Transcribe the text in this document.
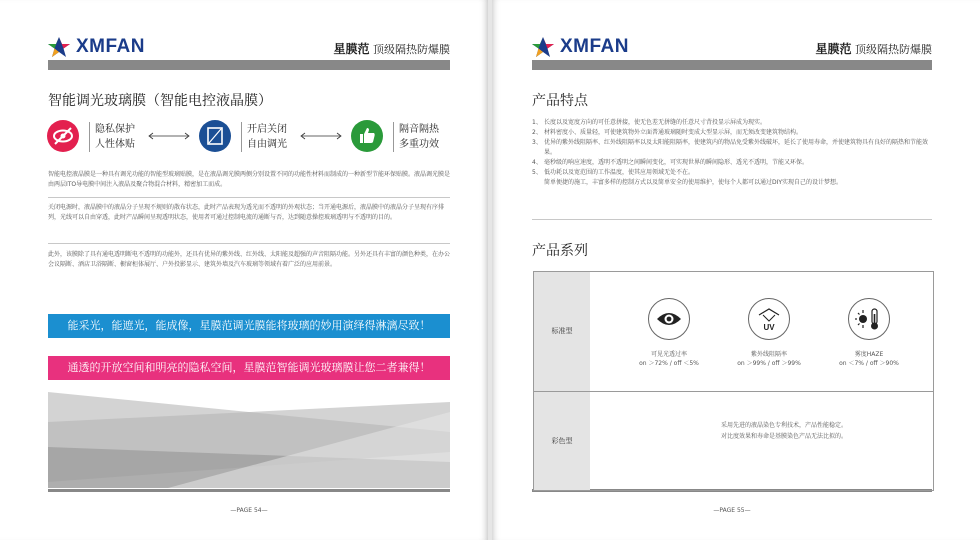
XMFAN	星膜范 顶级隔热防爆膜
智能调光玻璃膜（智能电控液晶膜）
隐私保护
人性体贴
开启关闭
自由调光
隔音隔热
多重功效
智能电控液晶膜是一种具有调光功能的智能型玻璃贴膜，是在液晶调光膜两侧分别设置不同的功能性材料而制成的一种新型节能环保贴膜。液晶调光膜是由两层ITO导电膜中间注入液晶及聚合物混合材料，精密加工而成。
关闭电源时，液晶膜中的液晶分子呈现不规则的散布状态，此时产品表现为透光而不透明的外观状态；当开通电源后，液晶膜中的液晶分子呈现有序排列，光线可以自由穿透，此时产品瞬间呈现透明状态，使用者可通过控制电流的通断与否，达到随意操控玻璃透明与不透明的目的。
此外，该膜除了具有通电透明断电不透明的功能外，还具有优异的紫外线、红外线、太阳能及超强的声音阻隔功能。另外还具有丰富的颜色种类，在办公会议隔断、酒店卫浴隔断、橱窗柜体展厅、户外投影显示、建筑外墙及汽车玻璃等领域有着广泛的应用前景。
能采光，能遮光，能成像，星膜范调光膜能将玻璃的妙用演绎得淋漓尽致！
通透的开放空间和明亮的隐私空间，星膜范智能调光玻璃膜让您二者兼得！
—PAGE 54—
XMFAN	星膜范 顶级隔热防爆膜
产品特点
—PAGE 55—
产品系列
1、 长度以及宽度方向的可任意拼接，使无色差无拼缝的任意尺寸背投显示屏成为现实。
2、 材料密度小、质量轻，可使建筑物外立面普通玻璃随时变成大型显示屏，而无须改变建筑物结构。
3、 优异的紫外线阻隔率、红外线阻隔率以及太阳能阻隔率，使建筑内的物品免受紫外线破坏，延长了使用寿命，并使建筑物具有良好的隔热和节能效果。
4、 毫秒级的响应速度，透明不透明之间瞬间变化，可实现世界的瞬间隐形、透光不透明，节能又环保。
5、 低功耗以及宽范围的工作温度，使其应用领域无处不在。
简单便捷的施工，丰富多样的控制方式以及简单安全的使用维护，使每个人都可以通过DIY实现自己的设计梦想。
标准型
彩色型
可见光透过率
on ＞72% / off ＜5%
UV
紫外线阻隔率
on ＞99% / off ＞99%
雾度HAZE
on ＜7% / off ＞90%
采用先进的液晶染色专利技术，产品性能稳定。
对比度效果和寿命是基膜染色产品无法比拟的。
